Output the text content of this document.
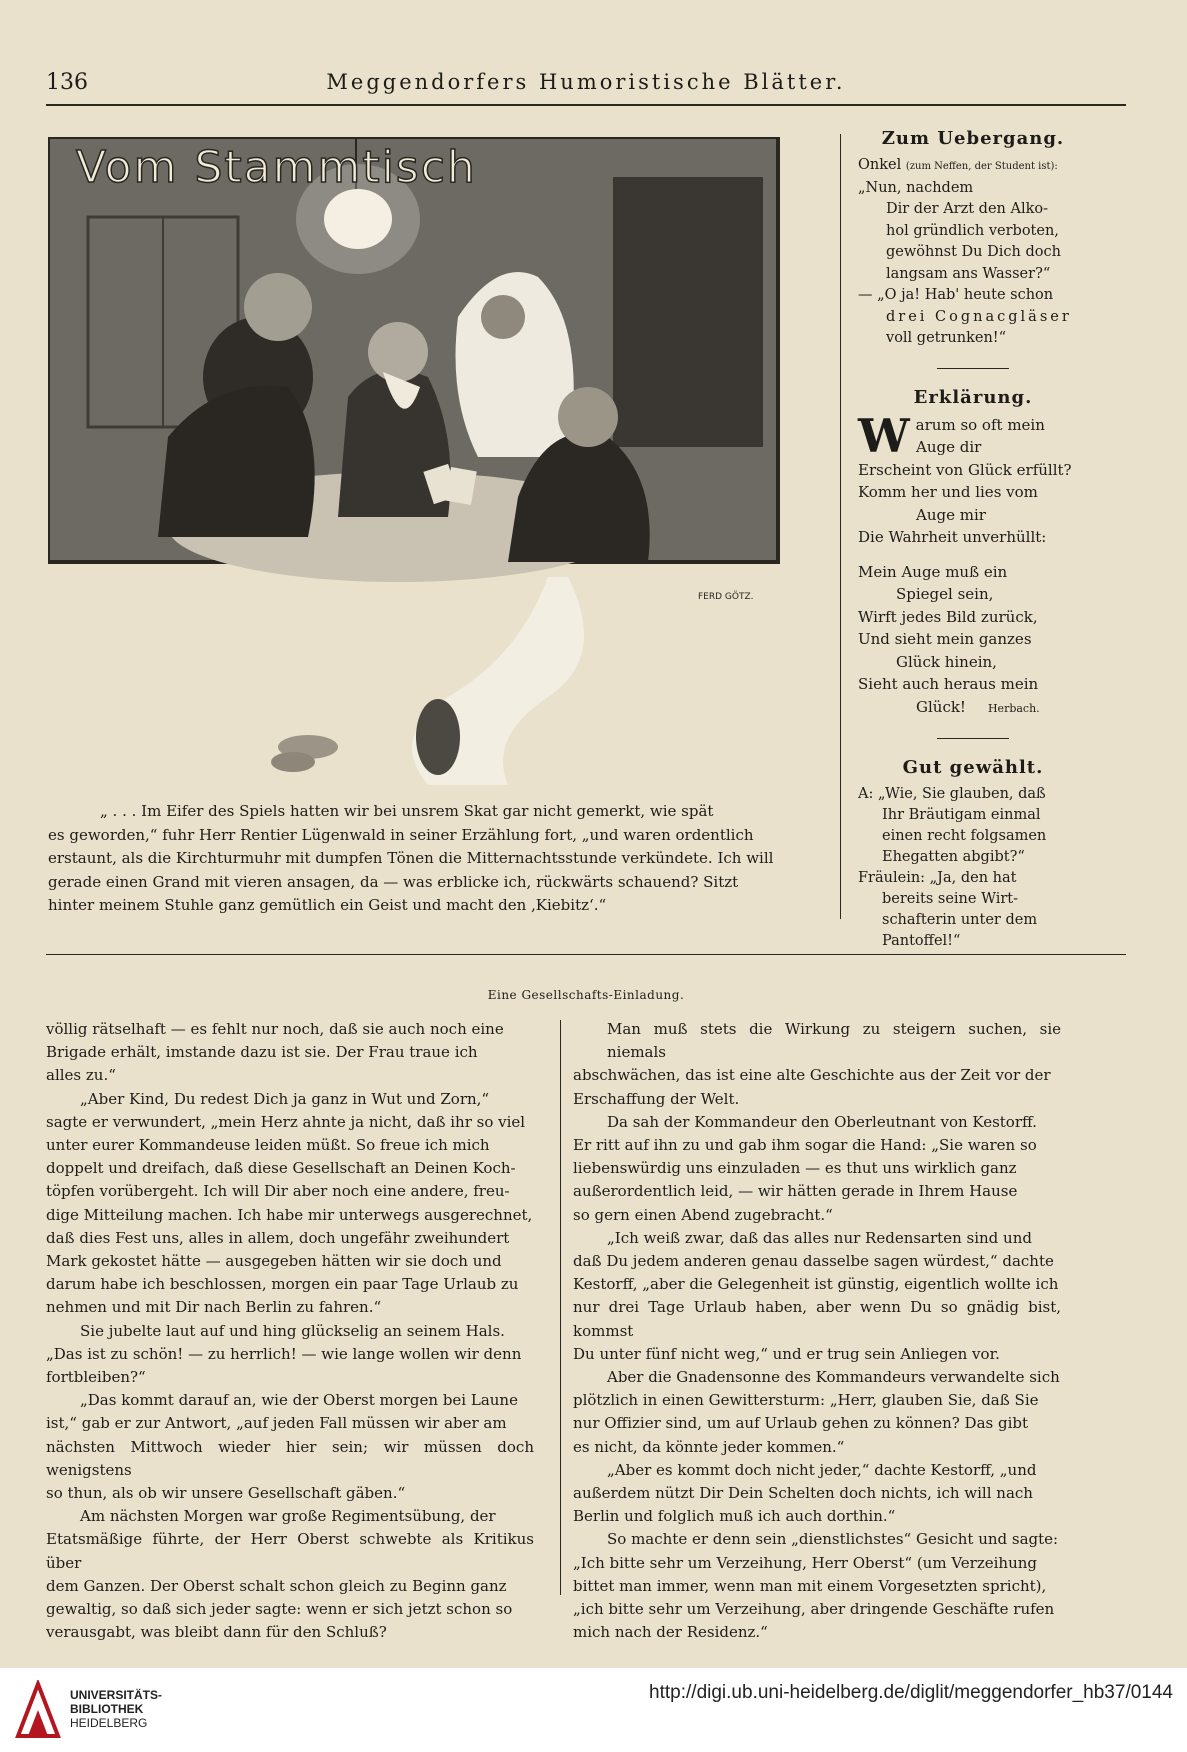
136	Meggendorfers Humoristische Blätter.
Vom Stammtisch
FERD GÖTZ.
„ . . . Im Eifer des Spiels hatten wir bei unsrem Skat gar nicht gemerkt, wie spät
es geworden,“ fuhr Herr Rentier Lügenwald in seiner Erzählung fort, „und waren ordentlich
erstaunt, als die Kirchturmuhr mit dumpfen Tönen die Mitternachtsstunde verkündete. Ich will
gerade einen Grand mit vieren ansagen, da — was erblicke ich, rückwärts schauend? Sitzt
hinter meinem Stuhle ganz gemütlich ein Geist und macht den ‚Kiebitz‘.“
Zum Uebergang.

Onkel (zum Neffen, der Student ist): „Nun, nachdem

Dir der Arzt den Alko-

hol gründlich verboten,

gewöhnst Du Dich doch

langsam ans Wasser?“

— „O ja! Hab' heute schon

drei Cognacgläser

voll getrunken!“

Erklärung.
Warum so oft mein
Auge dir
Erscheint von Glück erfüllt?
Komm her und lies vom
Auge mir
Die Wahrheit unverhüllt:
Mein Auge muß ein
Spiegel sein,
Wirft jedes Bild zurück,
Und sieht mein ganzes
Glück hinein,
Sieht auch heraus mein
Glück! Herbach.
Gut gewählt.
A: „Wie, Sie glauben, daß
Ihr Bräutigam einmal
einen recht folgsamen
Ehegatten abgibt?“
Fräulein: „Ja, den hat
bereits seine Wirt-
schafterin unter dem
Pantoffel!“
Eine Gesellschafts-Einladung.

völlig rätselhaft — es fehlt nur noch, daß sie auch noch eine
Brigade erhält, imstande dazu ist sie. Der Frau traue ich
alles zu.“

„Aber Kind, Du redest Dich ja ganz in Wut und Zorn,“
sagte er verwundert, „mein Herz ahnte ja nicht, daß ihr so viel
unter eurer Kommandeuse leiden müßt. So freue ich mich
doppelt und dreifach, daß diese Gesellschaft an Deinen Koch-
töpfen vorübergeht. Ich will Dir aber noch eine andere, freu-
dige Mitteilung machen. Ich habe mir unterwegs ausgerechnet,
daß dies Fest uns, alles in allem, doch ungefähr zweihundert
Mark gekostet hätte — ausgegeben hätten wir sie doch und
darum habe ich beschlossen, morgen ein paar Tage Urlaub zu
nehmen und mit Dir nach Berlin zu fahren.“

Sie jubelte laut auf und hing glückselig an seinem Hals.
„Das ist zu schön! — zu herrlich! — wie lange wollen wir denn
fortbleiben?“

„Das kommt darauf an, wie der Oberst morgen bei Laune
ist,“ gab er zur Antwort, „auf jeden Fall müssen wir aber am
nächsten Mittwoch wieder hier sein; wir müssen doch wenigstens
so thun, als ob wir unsere Gesellschaft gäben.“

Am nächsten Morgen war große Regimentsübung, der
Etatsmäßige führte, der Herr Oberst schwebte als Kritikus über
dem Ganzen. Der Oberst schalt schon gleich zu Beginn ganz
gewaltig, so daß sich jeder sagte: wenn er sich jetzt schon so
verausgabt, was bleibt dann für den Schluß?

Man muß stets die Wirkung zu steigern suchen, sie niemals
abschwächen, das ist eine alte Geschichte aus der Zeit vor der
Erschaffung der Welt.

Da sah der Kommandeur den Oberleutnant von Kestorff.
Er ritt auf ihn zu und gab ihm sogar die Hand: „Sie waren so
liebenswürdig uns einzuladen — es thut uns wirklich ganz
außerordentlich leid, — wir hätten gerade in Ihrem Hause
so gern einen Abend zugebracht.“

„Ich weiß zwar, daß das alles nur Redensarten sind und
daß Du jedem anderen genau dasselbe sagen würdest,“ dachte
Kestorff, „aber die Gelegenheit ist günstig, eigentlich wollte ich
nur drei Tage Urlaub haben, aber wenn Du so gnädig bist, kommst
Du unter fünf nicht weg,“ und er trug sein Anliegen vor.

Aber die Gnadensonne des Kommandeurs verwandelte sich
plötzlich in einen Gewittersturm: „Herr, glauben Sie, daß Sie
nur Offizier sind, um auf Urlaub gehen zu können? Das gibt
es nicht, da könnte jeder kommen.“

„Aber es kommt doch nicht jeder,“ dachte Kestorff, „und
außerdem nützt Dir Dein Schelten doch nichts, ich will nach
Berlin und folglich muß ich auch dorthin.“

So machte er denn sein „dienstlichstes“ Gesicht und sagte:
„Ich bitte sehr um Verzeihung, Herr Oberst“ (um Verzeihung
bittet man immer, wenn man mit einem Vorgesetzten spricht),
„ich bitte sehr um Verzeihung, aber dringende Geschäfte rufen
mich nach der Residenz.“

UNIVERSITÄTS-
BIBLIOTHEK
HEIDELBERG
http://digi.ub.uni-heidelberg.de/diglit/meggendorfer_hb37/0144
